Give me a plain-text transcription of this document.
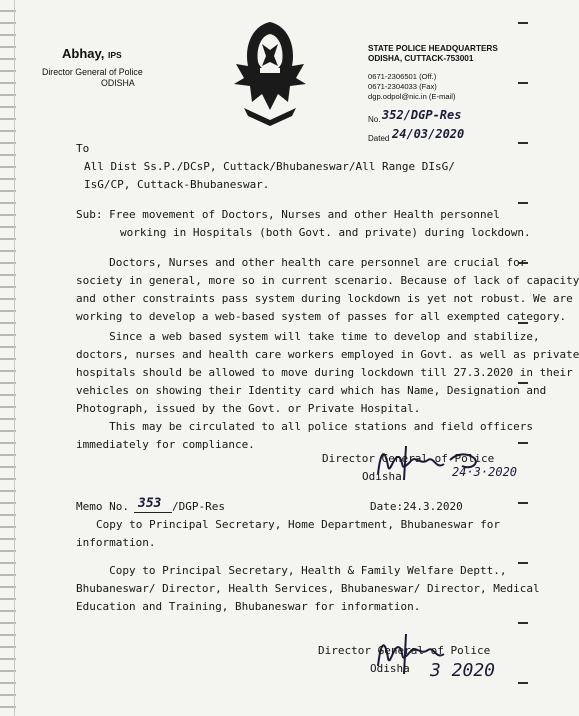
Abhay, IPS
Director General of Police
ODISHA
STATE POLICE HEADQUARTERS
ODISHA, CUTTACK-753001
0671-2306501 (Off.)
0671-2304033 (Fax)
dgp.odpol@nic.in (E-mail)
No. 352/DGP-Res
Dated 24/03/2020
To
All Dist Ss.P./DCsP, Cuttack/Bhubaneswar/All Range DIsG/
IsG/CP, Cuttack-Bhubaneswar.
Sub: Free movement of Doctors, Nurses and other Health personnel
working in Hospitals (both Govt. and private) during lockdown.
Doctors, Nurses and other health care personnel are crucial for
society in general, more so in current scenario. Because of lack of capacity
and other constraints pass system during lockdown is yet not robust. We are
working to develop a web-based system of passes for all exempted category.
Since a web based system will take time to develop and stabilize,
doctors, nurses and health care workers employed in Govt. as well as private
hospitals should be allowed to move during lockdown till 27.3.2020 in their
vehicles on showing their Identity card which has Name, Designation and
Photograph, issued by the Govt. or Private Hospital.
This may be circulated to all police stations and field officers
immediately for compliance.
24·3·2020
Director General of Police
Odisha
Memo No. 353 /DGP-Res	Date:24.3.2020
Copy to Principal Secretary, Home Department, Bhubaneswar for
information.
Copy to Principal Secretary, Health & Family Welfare Deptt.,
Bhubaneswar/ Director, Health Services, Bhubaneswar/ Director, Medical
Education and Training, Bhubaneswar for information.
3 2020
Director General of Police
Odisha
